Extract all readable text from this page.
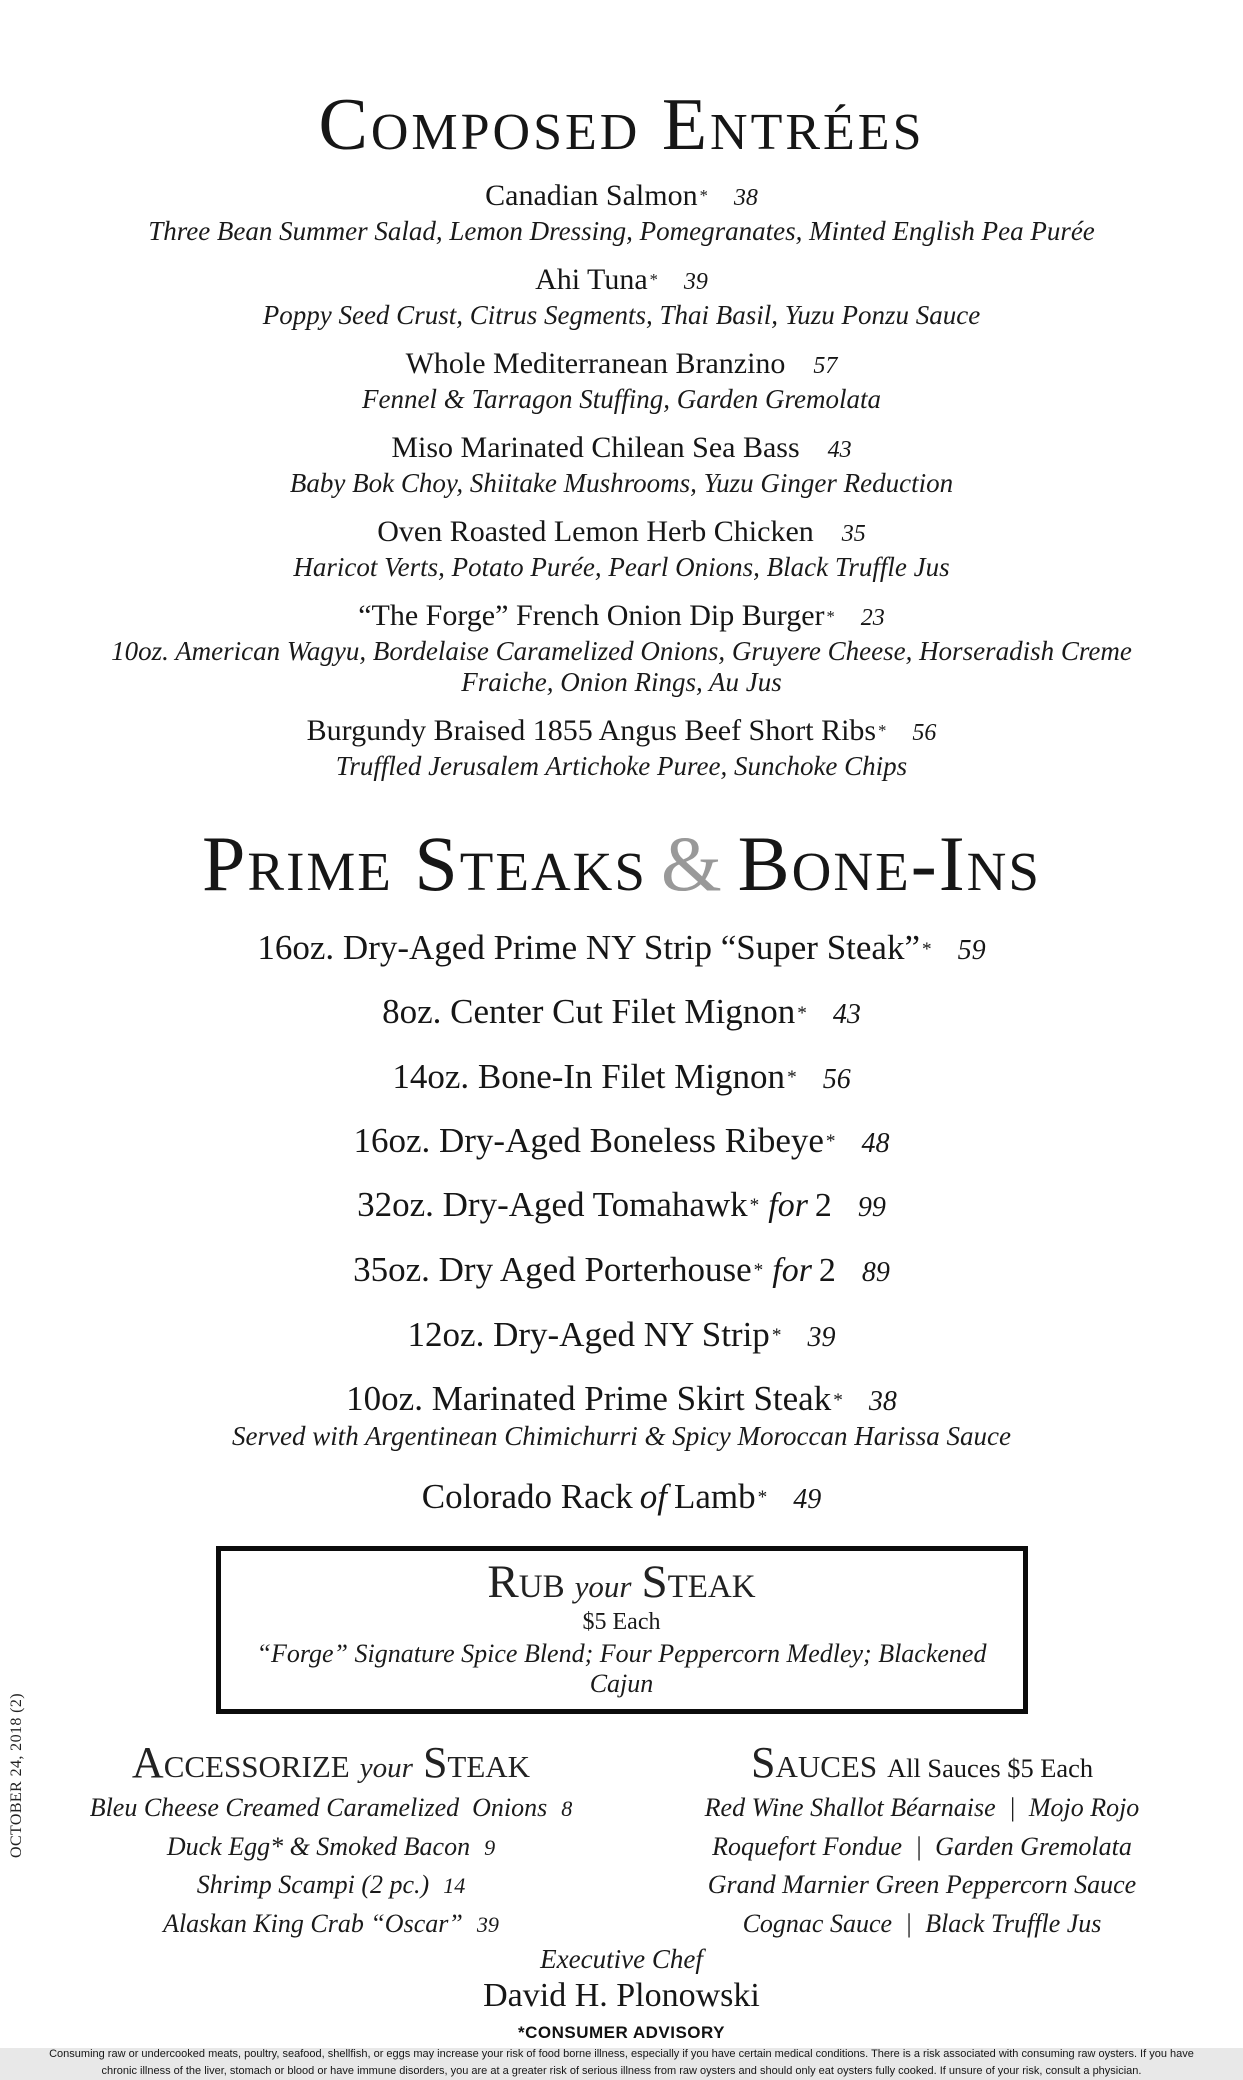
OCTOBER 24, 2018 (2)
Composed Entrées
Canadian Salmon * 38
Three Bean Summer Salad, Lemon Dressing, Pomegranates, Minted English Pea Purée
Ahi Tuna * 39
Poppy Seed Crust, Citrus Segments, Thai Basil, Yuzu Ponzu Sauce
Whole Mediterranean Branzino 57
Fennel & Tarragon Stuffing, Garden Gremolata
Miso Marinated Chilean Sea Bass 43
Baby Bok Choy, Shiitake Mushrooms, Yuzu Ginger Reduction
Oven Roasted Lemon Herb Chicken 35
Haricot Verts, Potato Purée, Pearl Onions, Black Truffle Jus
“The Forge” French Onion Dip Burger * 23
10oz. American Wagyu, Bordelaise Caramelized Onions, Gruyere Cheese, Horseradish Creme Fraiche, Onion Rings, Au Jus
Burgundy Braised 1855 Angus Beef Short Ribs * 56
Truffled Jerusalem Artichoke Puree, Sunchoke Chips
Prime Steaks & Bone-Ins
16oz. Dry-Aged Prime NY Strip “Super Steak” * 59
8oz. Center Cut Filet Mignon * 43
14oz. Bone-In Filet Mignon * 56
16oz. Dry-Aged Boneless Ribeye * 48
32oz. Dry-Aged Tomahawk * for 2 99
35oz. Dry Aged Porterhouse * for 2 89
12oz. Dry-Aged NY Strip * 39
10oz. Marinated Prime Skirt Steak * 38
Served with Argentinean Chimichurri & Spicy Moroccan Harissa Sauce
Colorado Rack of Lamb * 49
Rub your Steak
$5 Each
“Forge” Signature Spice Blend; Four Peppercorn Medley; Blackened Cajun
Accessorize your Steak
Bleu Cheese Creamed Caramelized  Onions 8
Duck Egg* & Smoked Bacon 9
Shrimp Scampi (2 pc.) 14
Alaskan King Crab “Oscar” 39
Sauces All Sauces $5 Each
Red Wine Shallot Béarnaise  |  Mojo Rojo
Roquefort Fondue  |  Garden Gremolata
Grand Marnier Green Peppercorn Sauce
Cognac Sauce  |  Black Truffle Jus
Executive Chef
David H. Plonowski
*CONSUMER ADVISORY
Consuming raw or undercooked meats, poultry, seafood, shellfish, or eggs may increase your risk of food borne illness, especially if you have certain medical conditions. There is a risk associated with consuming raw oysters. If you have chronic illness of the liver, stomach or blood or have immune disorders, you are at a greater risk of serious illness from raw oysters and should only eat oysters fully cooked. If unsure of your risk, consult a physician.
